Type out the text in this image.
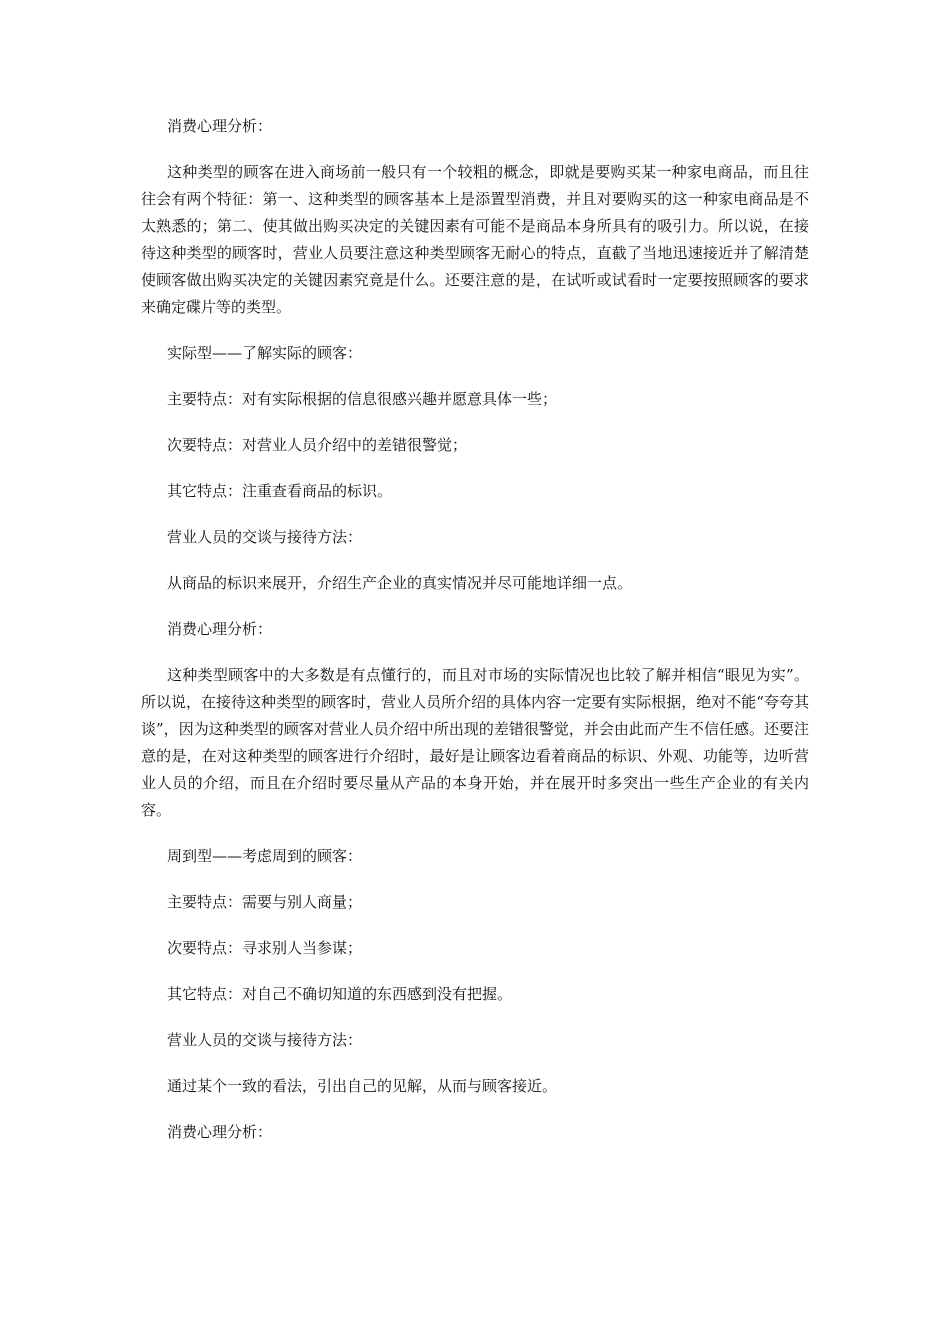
消费心理分析：

这种类型的顾客在进入商场前一般只有一个较粗的概念，即就是要购买某一种家电商品，而且往往会有两个特征：第一、这种类型的顾客基本上是添置型消费，并且对要购买的这一种家电商品是不太熟悉的；第二、使其做出购买决定的关键因素有可能不是商品本身所具有的吸引力。所以说，在接待这种类型的顾客时，营业人员要注意这种类型顾客无耐心的特点，直截了当地迅速接近并了解清楚使顾客做出购买决定的关键因素究竟是什么。还要注意的是，在试听或试看时一定要按照顾客的要求来确定碟片等的类型。

实际型——了解实际的顾客：

主要特点：对有实际根据的信息很感兴趣并愿意具体一些；

次要特点：对营业人员介绍中的差错很警觉；

其它特点：注重查看商品的标识。

营业人员的交谈与接待方法：

从商品的标识来展开，介绍生产企业的真实情况并尽可能地详细一点。

消费心理分析：

这种类型顾客中的大多数是有点懂行的，而且对市场的实际情况也比较了解并相信“眼见为实”。所以说，在接待这种类型的顾客时，营业人员所介绍的具体内容一定要有实际根据，绝对不能“夸夸其谈”，因为这种类型的顾客对营业人员介绍中所出现的差错很警觉，并会由此而产生不信任感。还要注意的是，在对这种类型的顾客进行介绍时，最好是让顾客边看着商品的标识、外观、功能等，边听营业人员的介绍，而且在介绍时要尽量从产品的本身开始，并在展开时多突出一些生产企业的有关内容。

周到型——考虑周到的顾客：

主要特点：需要与别人商量；

次要特点：寻求别人当参谋；

其它特点：对自己不确切知道的东西感到没有把握。

营业人员的交谈与接待方法：

通过某个一致的看法，引出自己的见解，从而与顾客接近。

消费心理分析：
